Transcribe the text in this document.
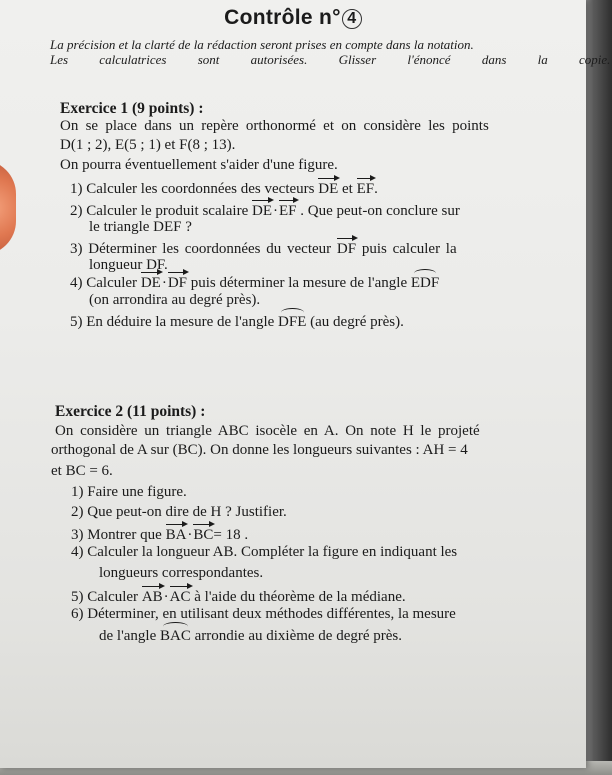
Contrôle n° 4
La précision et la clarté de la rédaction seront prises en compte dans la notation.
Les calculatrices sont autorisées. Glisser l'énoncé dans la copie.
Exercice 1 (9 points) :
On se place dans un repère orthonormé et on considère les points
D(1 ; 2), E(5 ; 1) et F(8 ; 13).
On pourra éventuellement s'aider d'une figure.
1) Calculer les coordonnées des vecteurs DE et EF.
2) Calculer le produit scalaire DE·EF . Que peut-on conclure sur
le triangle DEF ?
3) Déterminer les coordonnées du vecteur DF puis calculer la
longueur DF.
4) Calculer DE·DF puis déterminer la mesure de l'angle EDF
(on arrondira au degré près).
5) En déduire la mesure de l'angle DFE (au degré près).
Exercice 2 (11 points) :
On considère un triangle ABC isocèle en A. On note H le projeté
orthogonal de A sur (BC). On donne les longueurs suivantes : AH = 4
et BC = 6.
1) Faire une figure.
2) Que peut-on dire de H ? Justifier.
3) Montrer que BA·BC= 18 .
4) Calculer la longueur AB. Compléter la figure en indiquant les
longueurs correspondantes.
5) Calculer AB·AC à l'aide du théorème de la médiane.
6) Déterminer, en utilisant deux méthodes différentes, la mesure
de l'angle BAC arrondie au dixième de degré près.
